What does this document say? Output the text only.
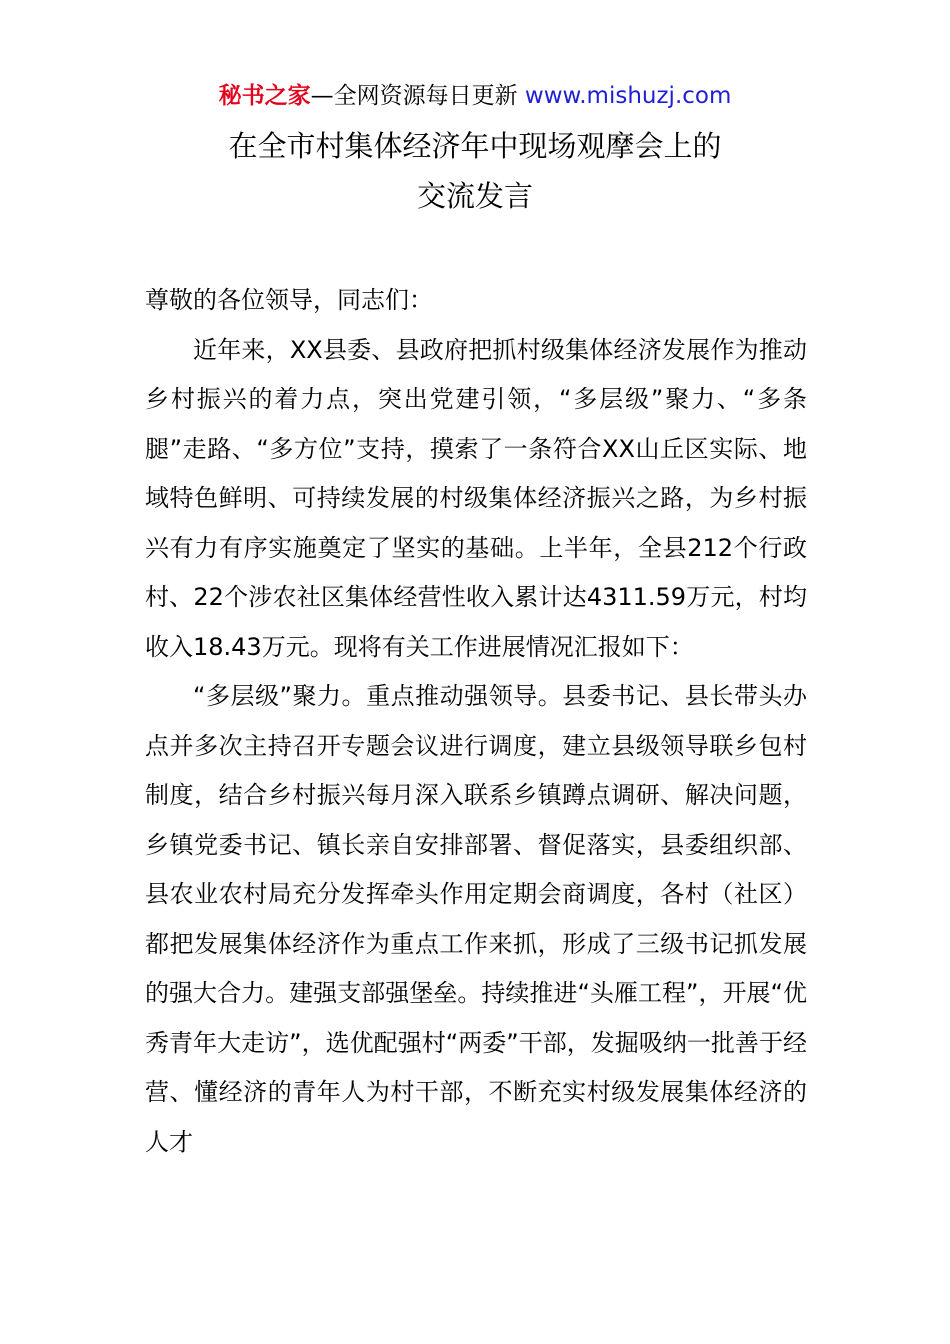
秘书之家—全网资源每日更新 www.mishuzj.com
在全市村集体经济年中现场观摩会上的
交流发言

尊敬的各位领导，同志们：

近年来，XX县委、县政府把抓村级集体经济发展作为推动乡村振兴的着力点，突出党建引领，“多层级”聚力、“多条腿”走路、“多方位”支持，摸索了一条符合XX山丘区实际、地域特色鲜明、可持续发展的村级集体经济振兴之路，为乡村振兴有力有序实施奠定了坚实的基础。上半年，全县212个行政村、22个涉农社区集体经营性收入累计达4311.59万元，村均收入18.43万元。现将有关工作进展情况汇报如下：

“多层级”聚力。重点推动强领导。县委书记、县长带头办点并多次主持召开专题会议进行调度，建立县级领导联乡包村制度，结合乡村振兴每月深入联系乡镇蹲点调研、解决问题，乡镇党委书记、镇长亲自安排部署、督促落实，县委组织部、县农业农村局充分发挥牵头作用定期会商调度，各村（社区）都把发展集体经济作为重点工作来抓，形成了三级书记抓发展的强大合力。建强支部强堡垒。持续推进“头雁工程”，开展“优秀青年大走访”，选优配强村“两委”干部，发掘吸纳一批善于经营、懂经济的青年人为村干部，不断充实村级发展集体经济的人才
